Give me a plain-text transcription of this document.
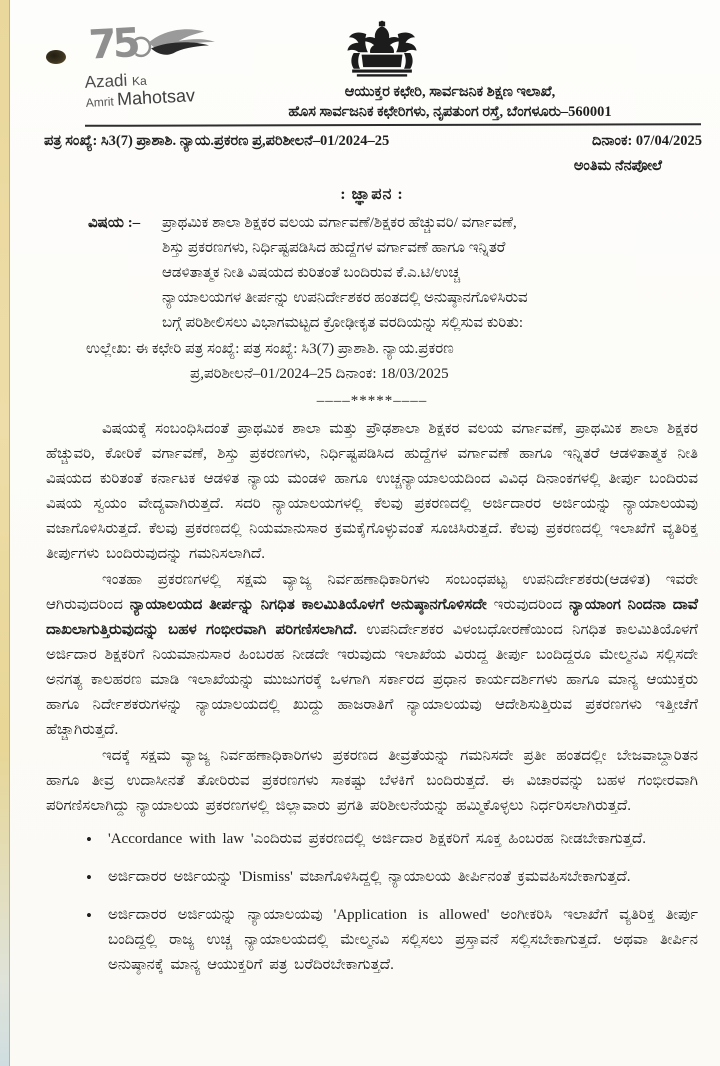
75
Azadi Ka
Amrit Mahotsav	ಆಯುಕ್ತರ ಕಛೇರಿ, ಸಾರ್ವಜನಿಕ ಶಿಕ್ಷಣ ಇಲಾಖೆ,
ಹೊಸ ಸಾರ್ವಜನಿಕ ಕಛೇರಿಗಳು, ನೃಪತುಂಗ ರಸ್ತೆ, ಬೆಂಗಳೂರು–560001
ಪತ್ರ ಸಂಖ್ಯೆ: ಸಿ3(7) ಪ್ರಾಶಾಶಿ. ನ್ಯಾಯ.ಪ್ರಕರಣ ಪ್ರ,ಪರಿಶೀಲನೆ–01/2024–25	ದಿನಾಂಕ: 07/04/2025
ಅಂತಿಮ ನೆನಪೋಲೆ
: ಜ್ಞಾಪನ :
ವಿಷಯ :–	ಪ್ರಾಥಮಿಕ ಶಾಲಾ ಶಿಕ್ಷಕರ ವಲಯ ವರ್ಗಾವಣೆ/ಶಿಕ್ಷಕರ ಹೆಚ್ಚುವರಿ/ ವರ್ಗಾವಣೆ,
ಶಿಸ್ತು ಪ್ರಕರಣಗಳು, ನಿರ್ಧಿಷ್ಟಪಡಿಸಿದ ಹುದ್ದೆಗಳ ವರ್ಗಾವಣೆ ಹಾಗೂ ಇನ್ನಿತರೆ
ಆಡಳಿತಾತ್ಮಕ ನೀತಿ ವಿಷಯದ ಕುರಿತಂತೆ ಬಂದಿರುವ ಕೆ.ಎ.ಟಿ/ಉಚ್ಚ
ನ್ಯಾಯಾಲಯಗಳ ತೀರ್ಪನ್ನು ಉಪನಿರ್ದೇಶಕರ ಹಂತದಲ್ಲಿ ಅನುಷ್ಠಾನಗೊಳಿಸಿರುವ
ಬಗ್ಗೆ ಪರಿಶೀಲಿಸಲು ವಿಭಾಗಮಟ್ಟದ ಕ್ರೋಢೀಕೃತ ವರದಿಯನ್ನು ಸಲ್ಲಿಸುವ ಕುರಿತು:
ಉಲ್ಲೇಖ: ಈ ಕಛೇರಿ ಪತ್ರ ಸಂಖ್ಯೆ: ಪತ್ರ ಸಂಖ್ಯೆ: ಸಿ3(7) ಪ್ರಾಶಾಶಿ. ನ್ಯಾಯ.ಪ್ರಕರಣ
ಪ್ರ,ಪರಿಶೀಲನೆ–01/2024–25 ದಿನಾಂಕ: 18/03/2025
––––*****––––

ವಿಷಯಕ್ಕೆ ಸಂಬಂಧಿಸಿದಂತೆ ಪ್ರಾಥಮಿಕ ಶಾಲಾ ಮತ್ತು ಪ್ರೌಢಶಾಲಾ ಶಿಕ್ಷಕರ ವಲಯ ವರ್ಗಾವಣೆ, ಪ್ರಾಥಮಿಕ ಶಾಲಾ ಶಿಕ್ಷಕರ ಹೆಚ್ಚುವರಿ, ಕೋರಿಕೆ ವರ್ಗಾವಣೆ, ಶಿಸ್ತು ಪ್ರಕರಣಗಳು, ನಿರ್ಧಿಷ್ಟಪಡಿಸಿದ ಹುದ್ದೆಗಳ ವರ್ಗಾವಣೆ ಹಾಗೂ ಇನ್ನಿತರೆ ಆಡಳಿತಾತ್ಮಕ ನೀತಿ ವಿಷಯದ ಕುರಿತಂತೆ ಕರ್ನಾಟಕ ಆಡಳಿತ ನ್ಯಾಯ ಮಂಡಳಿ ಹಾಗೂ ಉಚ್ಚನ್ಯಾಯಾಲಯದಿಂದ ವಿವಿಧ ದಿನಾಂಕಗಳಲ್ಲಿ ತೀರ್ಪು ಬಂದಿರುವ ವಿಷಯ ಸ್ವಯಂ ವೇದ್ಯವಾಗಿರುತ್ತದೆ. ಸದರಿ ನ್ಯಾಯಾಲಯಗಳಲ್ಲಿ ಕೆಲವು ಪ್ರಕರಣದಲ್ಲಿ ಅರ್ಜಿದಾರರ ಅರ್ಜಿಯನ್ನು ನ್ಯಾಯಾಲಯವು ವಜಾಗೊಳಿಸಿರುತ್ತದೆ. ಕೆಲವು ಪ್ರಕರಣದಲ್ಲಿ ನಿಯಮಾನುಸಾರ ಕ್ರಮಕೈಗೊಳ್ಳುವಂತೆ ಸೂಚಿಸಿರುತ್ತದೆ. ಕೆಲವು ಪ್ರಕರಣದಲ್ಲಿ ಇಲಾಖೆಗೆ ವ್ಯತಿರಿಕ್ತ ತೀರ್ಪುಗಳು ಬಂದಿರುವುದನ್ನು ಗಮನಿಸಲಾಗಿದೆ.

ಇಂತಹಾ ಪ್ರಕರಣಗಳಲ್ಲಿ ಸಕ್ಷಮ ವ್ಯಾಜ್ಯ ನಿರ್ವಹಣಾಧಿಕಾರಿಗಳು ಸಂಬಂಧಪಟ್ಟ ಉಪನಿರ್ದೇಶಕರು(ಆಡಳಿತ) ಇವರೇ ಆಗಿರುವುದರಿಂದ ನ್ಯಾಯಾಲಯದ ತೀರ್ಪನ್ನು ನಿಗಧಿತ ಕಾಲಮಿತಿಯೊಳಗೆ ಅನುಷ್ಠಾನಗೊಳಿಸದೇ ಇರುವುದರಿಂದ ನ್ಯಾಯಾಂಗ ನಿಂದನಾ ದಾವೆ ದಾಖಲಾಗುತ್ತಿರುವುದನ್ನು ಬಹಳ ಗಂಭೀರವಾಗಿ ಪರಿಗಣಿಸಲಾಗಿದೆ. ಉಪನಿರ್ದೇಶಕರ ವಿಳಂಬಧೋರಣೆಯಿಂದ ನಿಗಧಿತ ಕಾಲಮಿತಿಯೊಳಗೆ ಅರ್ಜಿದಾರ ಶಿಕ್ಷಕರಿಗೆ ನಿಯಮಾನುಸಾರ ಹಿಂಬರಹ ನೀಡದೇ ಇರುವುದು ಇಲಾಖೆಯ ವಿರುದ್ದ ತೀರ್ಪು ಬಂದಿದ್ದರೂ ಮೇಲ್ಮನವಿ ಸಲ್ಲಿಸದೇ ಅನಗತ್ಯ ಕಾಲಹರಣ ಮಾಡಿ ಇಲಾಖೆಯನ್ನು ಮುಜುಗರಕ್ಕೆ ಒಳಗಾಗಿ ಸರ್ಕಾರದ ಪ್ರಧಾನ ಕಾರ್ಯದರ್ಶಿಗಳು ಹಾಗೂ ಮಾನ್ಯ ಆಯುಕ್ತರು ಹಾಗೂ ನಿರ್ದೇಶಕರುಗಳನ್ನು ನ್ಯಾಯಾಲಯದಲ್ಲಿ ಖುದ್ದು ಹಾಜರಾತಿಗೆ ನ್ಯಾಯಾಲಯವು ಆದೇಶಿಸುತ್ತಿರುವ ಪ್ರಕರಣಗಳು ಇತ್ತೀಚೆಗೆ ಹೆಚ್ಚಾಗಿರುತ್ತದೆ.

ಇದಕ್ಕೆ ಸಕ್ಷಮ ವ್ಯಾಜ್ಯ ನಿರ್ವಹಣಾಧಿಕಾರಿಗಳು ಪ್ರಕರಣದ ತೀವ್ರತೆಯನ್ನು ಗಮನಿಸದೇ ಪ್ರತೀ ಹಂತದಲ್ಲೀ ಬೇಜವಾಬ್ದಾರಿತನ ಹಾಗೂ ತೀವ್ರ ಉದಾಸೀನತೆ ತೋರಿರುವ ಪ್ರಕರಣಗಳು ಸಾಕಷ್ಟು ಬೆಳಕಿಗೆ ಬಂದಿರುತ್ತದೆ. ಈ ವಿಚಾರವನ್ನು ಬಹಳ ಗಂಭೀರವಾಗಿ ಪರಿಗಣಿಸಲಾಗಿದ್ದು ನ್ಯಾಯಾಲಯ ಪ್ರಕರಣಗಳಲ್ಲಿ ಜಿಲ್ಲಾವಾರು ಪ್ರಗತಿ ಪರಿಶೀಲನೆಯನ್ನು ಹಮ್ಮಿಕೊಳ್ಳಲು ನಿರ್ಧರಿಸಲಾಗಿರುತ್ತದೆ.

•	'Accordance with law 'ಎಂದಿರುವ ಪ್ರಕರಣದಲ್ಲಿ ಅರ್ಜಿದಾರ ಶಿಕ್ಷಕರಿಗೆ ಸೂಕ್ತ ಹಿಂಬರಹ ನೀಡಬೇಕಾಗುತ್ತದೆ.
•	ಅರ್ಜಿದಾರರ ಅರ್ಜಿಯನ್ನು 'Dismiss' ವಜಾಗೊಳಿಸಿದ್ದಲ್ಲಿ ನ್ಯಾಯಾಲಯ ತೀರ್ಪಿನಂತೆ ಕ್ರಮವಹಿಸಬೇಕಾಗುತ್ತದೆ.
•	ಅರ್ಜಿದಾರರ ಅರ್ಜಿಯನ್ನು ನ್ಯಾಯಾಲಯವು 'Application is allowed' ಅಂಗೀಕರಿಸಿ ಇಲಾಖೆಗೆ ವ್ಯತಿರಿಕ್ತ ತೀರ್ಪು ಬಂದಿದ್ದಲ್ಲಿ ರಾಜ್ಯ ಉಚ್ಚ ನ್ಯಾಯಾಲಯದಲ್ಲಿ ಮೇಲ್ಮನವಿ ಸಲ್ಲಿಸಲು ಪ್ರಸ್ತಾವನೆ ಸಲ್ಲಿಸಬೇಕಾಗುತ್ತದೆ. ಅಥವಾ ತೀರ್ಪಿನ ಅನುಷ್ಠಾನಕ್ಕೆ ಮಾನ್ಯ ಆಯುಕ್ತರಿಗೆ ಪತ್ರ ಬರೆದಿರಬೇಕಾಗುತ್ತದೆ.
